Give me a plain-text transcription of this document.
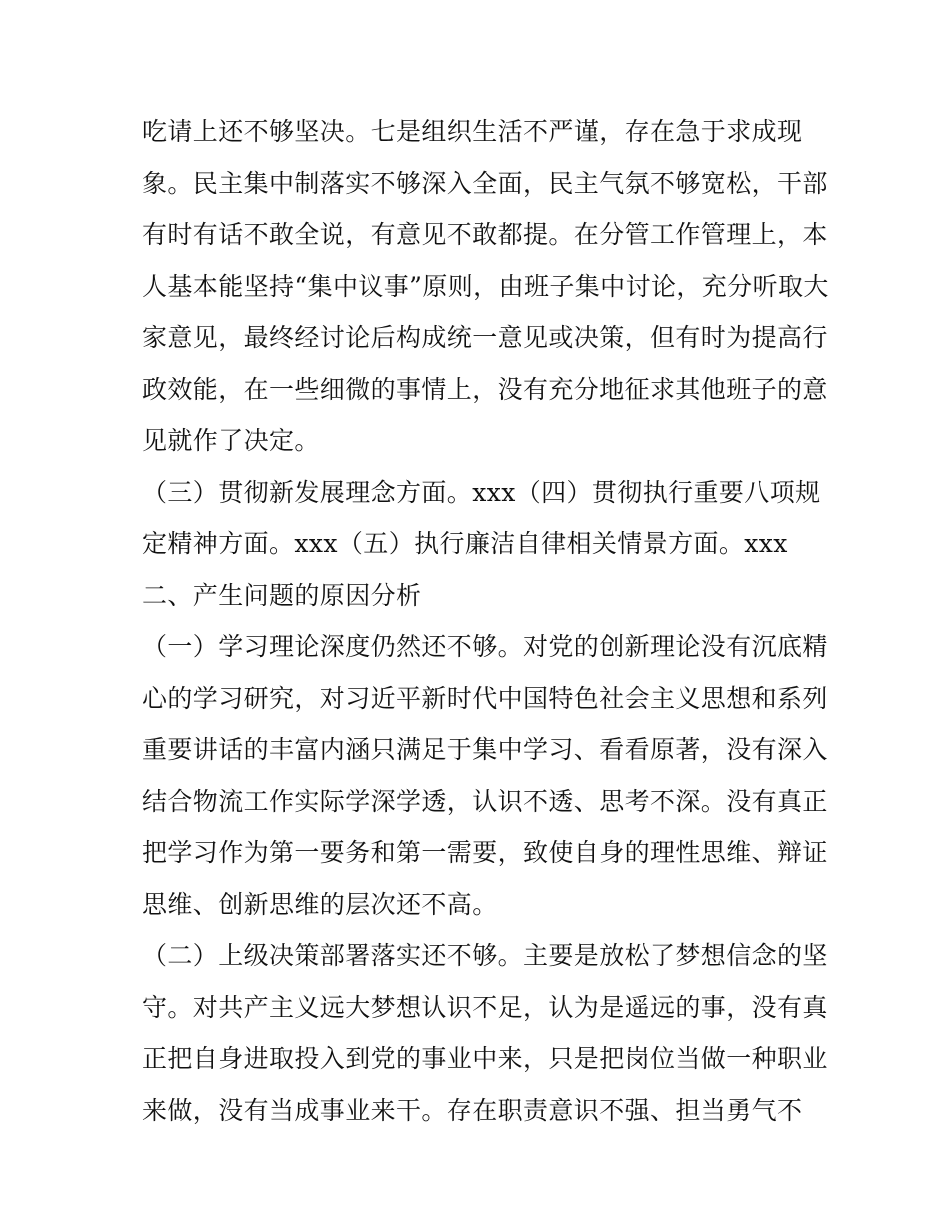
吃请上还不够坚决。七是组织生活不严谨，存在急于求成现
象。民主集中制落实不够深入全面，民主气氛不够宽松，干部
有时有话不敢全说，有意见不敢都提。在分管工作管理上，本
人基本能坚持“集中议事”原则，由班子集中讨论，充分听取大
家意见，最终经讨论后构成统一意见或决策，但有时为提高行
政效能，在一些细微的事情上，没有充分地征求其他班子的意
见就作了决定。
（三）贯彻新发展理念方面。xxx（四）贯彻执行重要八项规
定精神方面。xxx（五）执行廉洁自律相关情景方面。xxx
二、产生问题的原因分析
（一）学习理论深度仍然还不够。对党的创新理论没有沉底精
心的学习研究，对习近平新时代中国特色社会主义思想和系列
重要讲话的丰富内涵只满足于集中学习、看看原著，没有深入
结合物流工作实际学深学透，认识不透、思考不深。没有真正
把学习作为第一要务和第一需要，致使自身的理性思维、辩证
思维、创新思维的层次还不高。
（二）上级决策部署落实还不够。主要是放松了梦想信念的坚
守。对共产主义远大梦想认识不足，认为是遥远的事，没有真
正把自身进取投入到党的事业中来，只是把岗位当做一种职业
来做，没有当成事业来干。存在职责意识不强、担当勇气不
